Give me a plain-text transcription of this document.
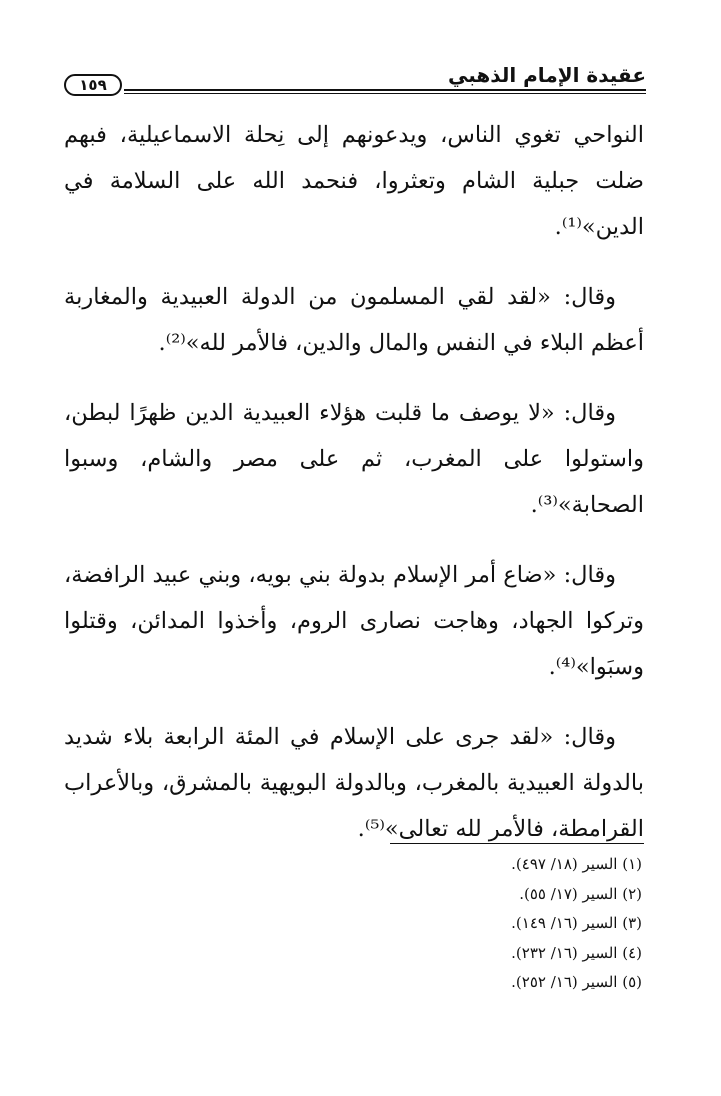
عقيدة الإمام الذهبي
١٥٩

النواحي تغوي الناس، ويدعونهم إلى نِحلة الاسماعيلية، فبهم ضلت جبلية الشام وتعثروا، فنحمد الله على السلامة في الدين»⁽¹⁾.

وقال: «لقد لقي المسلمون من الدولة العبيدية والمغاربة أعظم البلاء في النفس والمال والدين، فالأمر لله»⁽²⁾.

وقال: «لا يوصف ما قلبت هؤلاء العبيدية الدين ظهرًا لبطن، واستولوا على المغرب، ثم على مصر والشام، وسبوا الصحابة»⁽³⁾.

وقال: «ضاع أمر الإسلام بدولة بني بويه، وبني عبيد الرافضة، وتركوا الجهاد، وهاجت نصارى الروم، وأخذوا المدائن، وقتلوا وسبَوا»⁽⁴⁾.

وقال: «لقد جرى على الإسلام في المئة الرابعة بلاء شديد بالدولة العبيدية بالمغرب، وبالدولة البويهية بالمشرق، وبالأعراب القرامطة، فالأمر لله تعالى»⁽⁵⁾.

(١) السير (١٨/ ٤٩٧).
(٢) السير (١٧/ ٥٥).
(٣) السير (١٦/ ١٤٩).
(٤) السير (١٦/ ٢٣٢).
(٥) السير (١٦/ ٢٥٢).
